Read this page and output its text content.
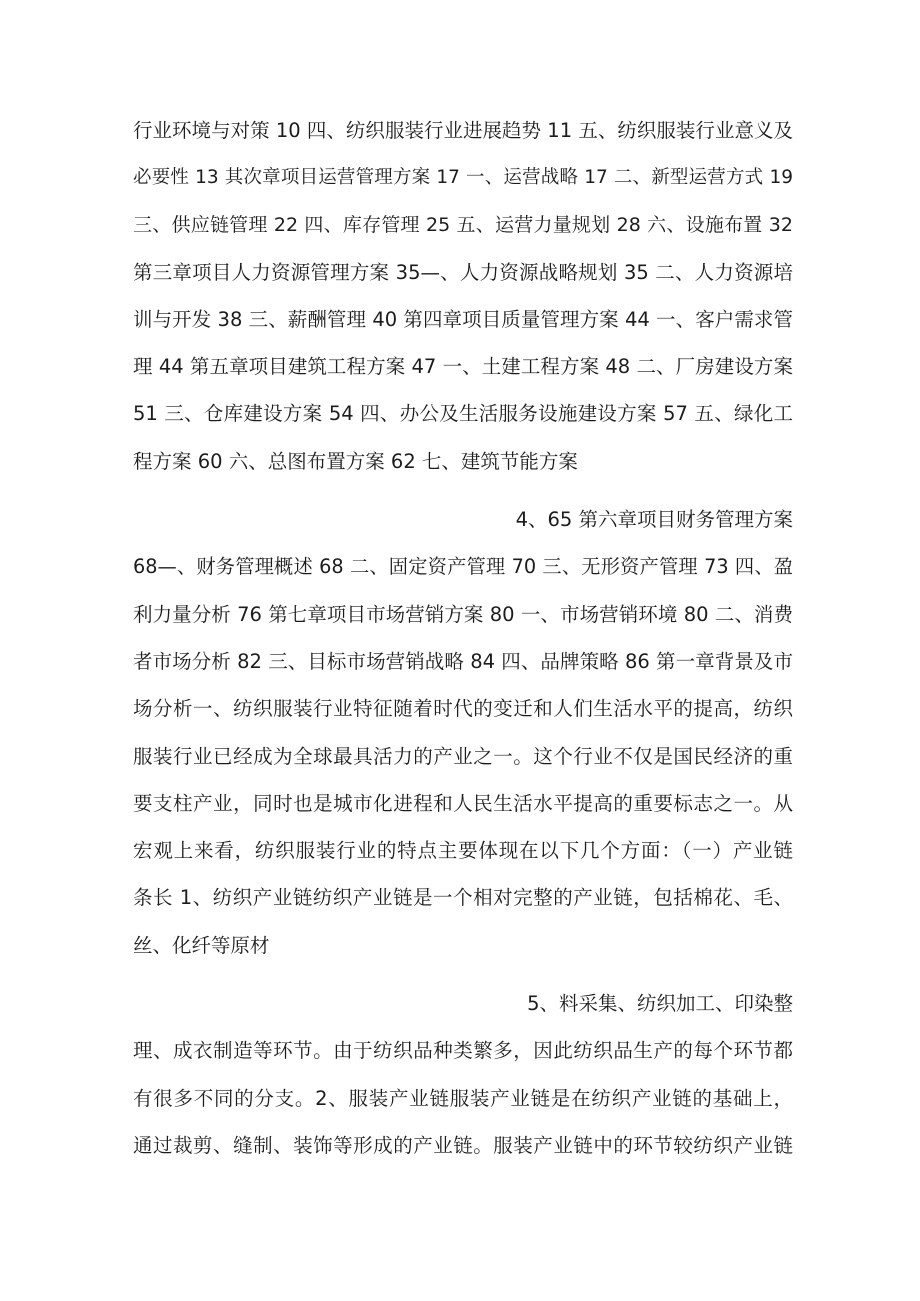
行业环境与对策 10 四、纺织服装行业进展趋势 11 五、纺织服装行业意义及
必要性 13 其次章项目运营管理方案 17 一、运营战略 17 二、新型运营方式 19
三、供应链管理 22 四、库存管理 25 五、运营力量规划 28 六、设施布置 32
第三章项目人力资源管理方案 35—、人力资源战略规划 35 二、人力资源培
训与开发 38 三、薪酬管理 40 第四章项目质量管理方案 44 一、客户需求管
理 44 第五章项目建筑工程方案 47 一、土建工程方案 48 二、厂房建设方案
51 三、仓库建设方案 54 四、办公及生活服务设施建设方案 57 五、绿化工
程方案 60 六、总图布置方案 62 七、建筑节能方案
4、65 第六章项目财务管理方案
68—、财务管理概述 68 二、固定资产管理 70 三、无形资产管理 73 四、盈
利力量分析 76 第七章项目市场营销方案 80 一、市场营销环境 80 二、消费
者市场分析 82 三、目标市场营销战略 84 四、品牌策略 86 第一章背景及市
场分析一、纺织服装行业特征随着时代的变迁和人们生活水平的提高，纺织
服装行业已经成为全球最具活力的产业之一。这个行业不仅是国民经济的重
要支柱产业，同时也是城市化进程和人民生活水平提高的重要标志之一。从
宏观上来看，纺织服装行业的特点主要体现在以下几个方面：（一）产业链
条长 1、纺织产业链纺织产业链是一个相对完整的产业链，包括棉花、毛、
丝、化纤等原材
5、料采集、纺织加工、印染整
理、成衣制造等环节。由于纺织品种类繁多，因此纺织品生产的每个环节都
有很多不同的分支。2、服装产业链服装产业链是在纺织产业链的基础上，
通过裁剪、缝制、装饰等形成的产业链。服装产业链中的环节较纺织产业链
